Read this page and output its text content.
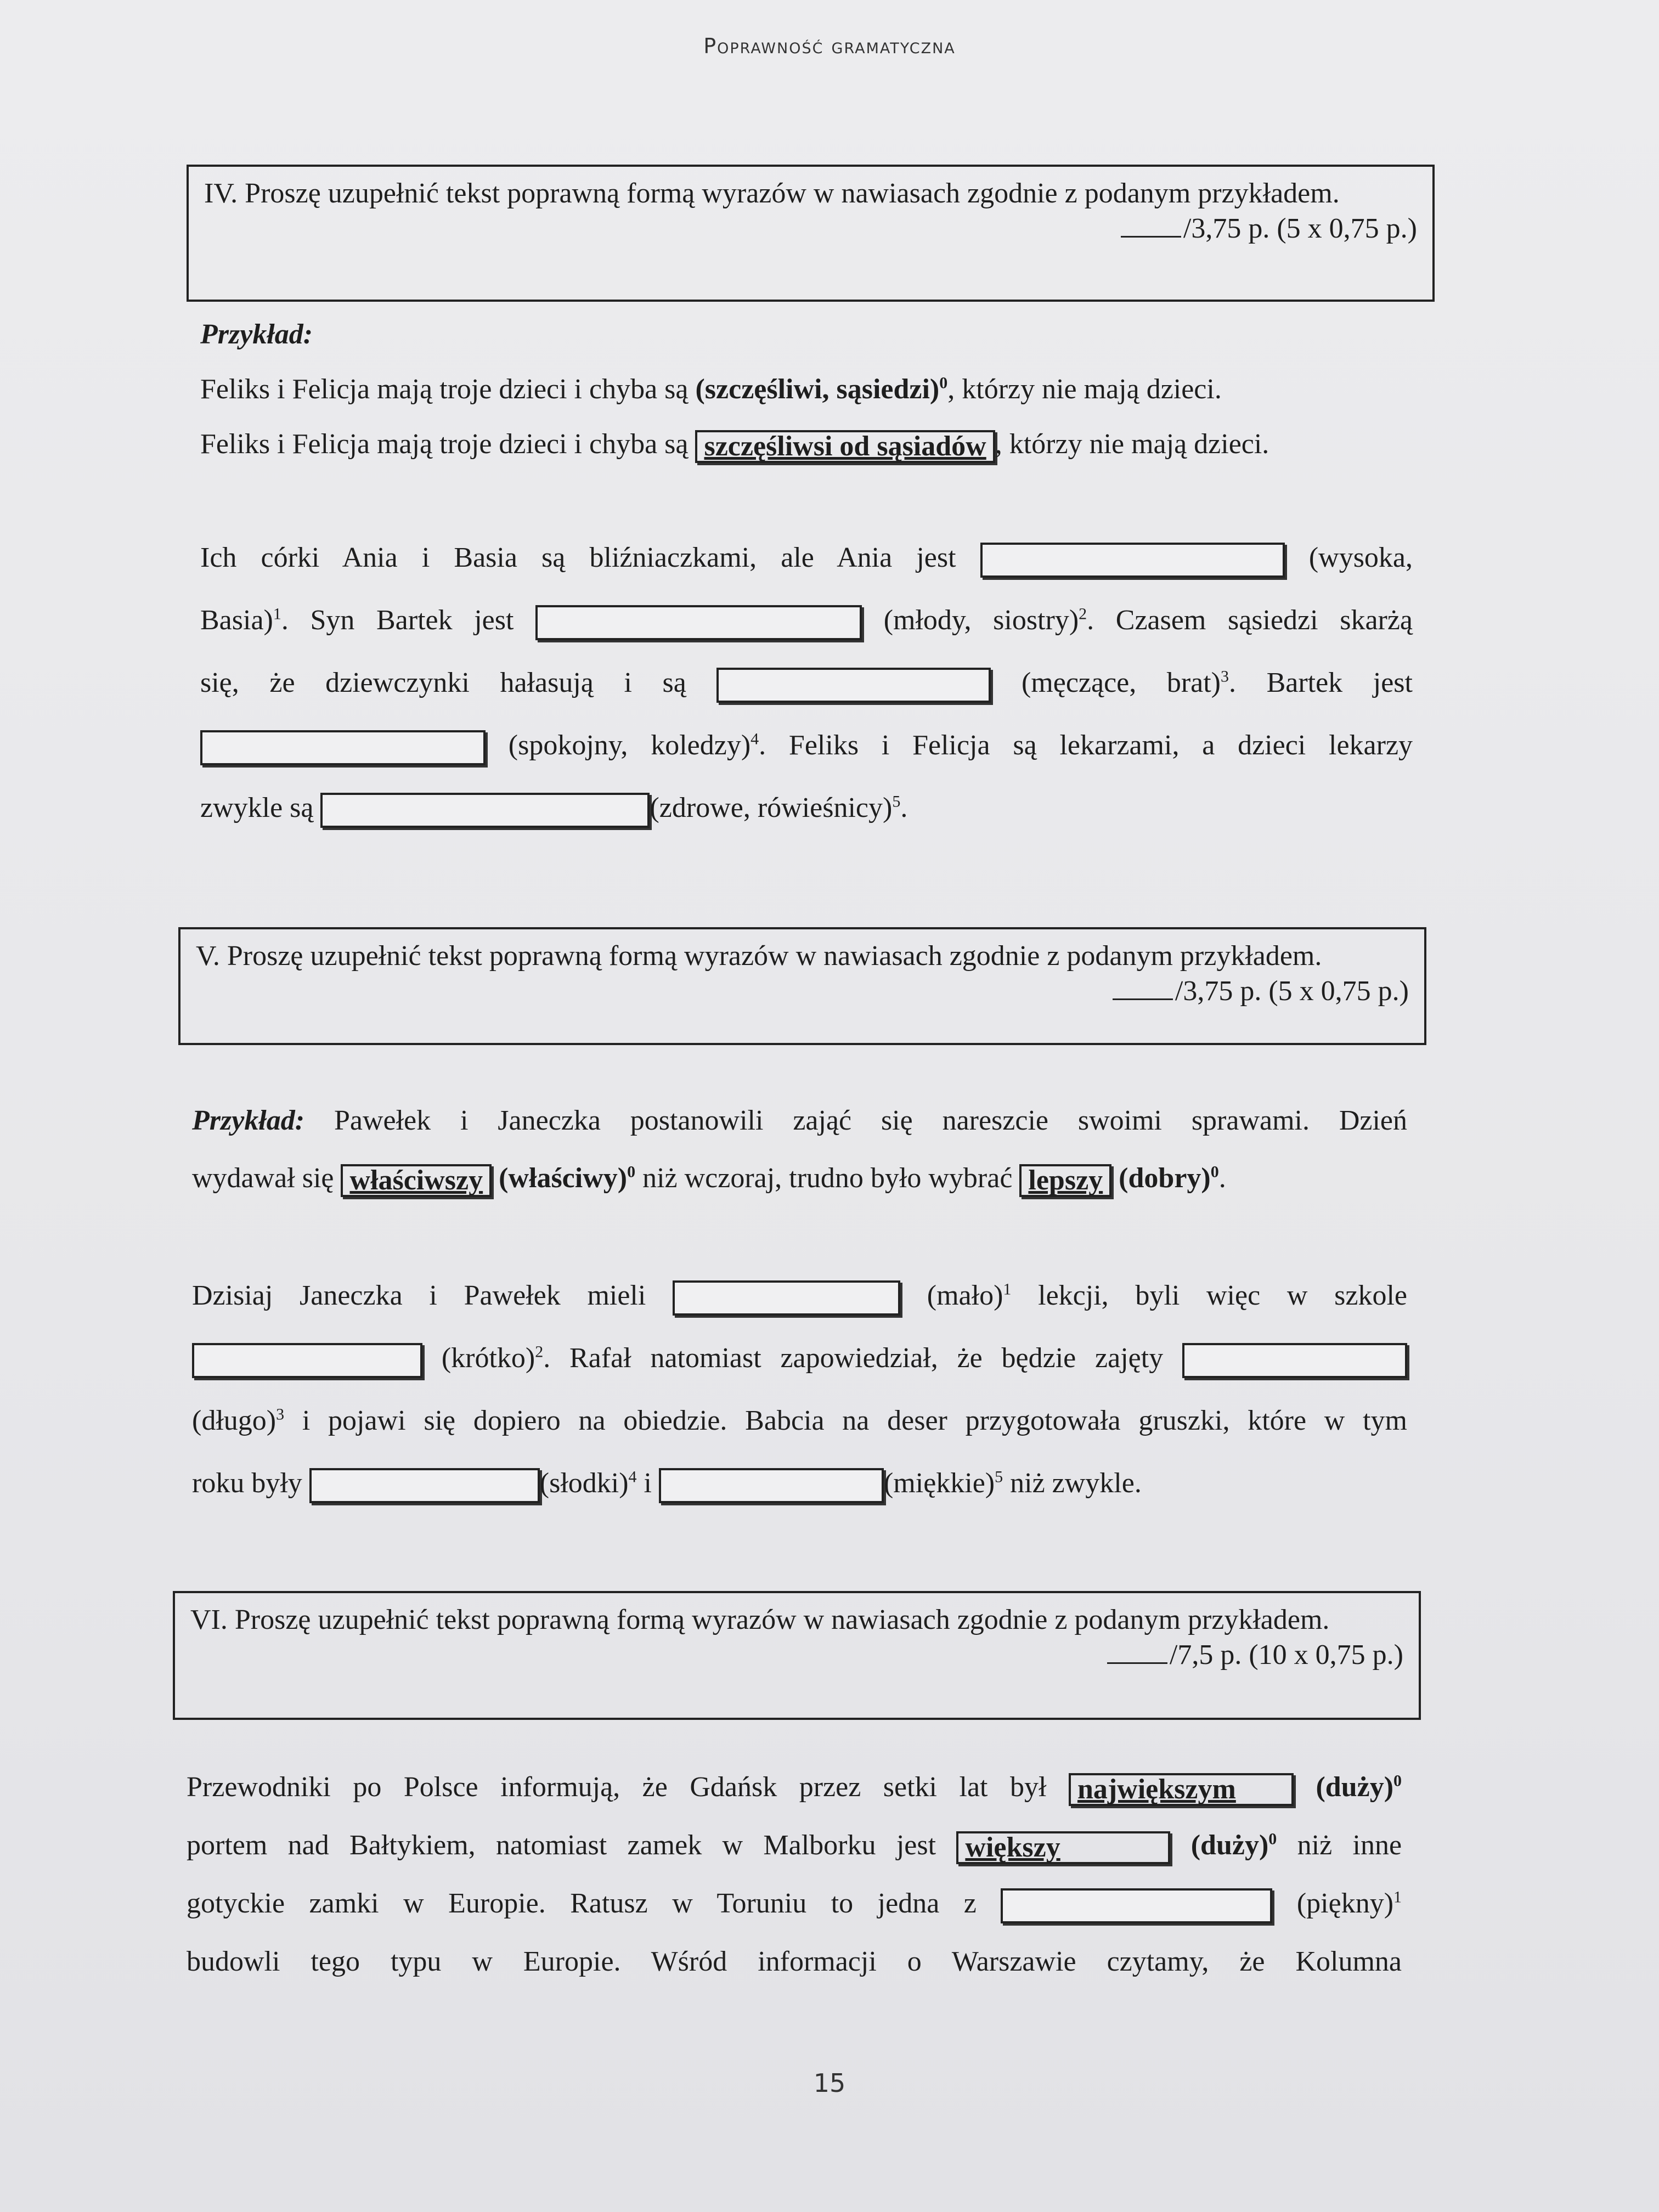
Poprawność gramatyczna
IV. Proszę uzupełnić tekst poprawną formą wyrazów w nawiasach zgodnie z podanym przykładem.
/3,75 p. (5 x 0,75 p.)
Przykład:
Feliks i Felicja mają troje dzieci i chyba są (szczęśliwi, sąsiedzi)$^0$, którzy nie mają dzieci.
Feliks i Felicja mają troje dzieci i chyba są szczęśliwsi od sąsiadów , którzy nie mają dzieci.
Ich córki Ania i Basia są bliźniaczkami, ale Ania jest	(wysoka,
Basia)$^1$. Syn Bartek jest	(młody, siostry)$^2$. Czasem sąsiedzi skarżą
się, że dziewczynki hałasują i są	(męczące, brat)$^3$. Bartek jest
(spokojny, koledzy)$^4$. Feliks i Felicja są lekarzami, a dzieci lekarzy
zwykle są	(zdrowe, rówieśnicy)$^5$.
V. Proszę uzupełnić tekst poprawną formą wyrazów w nawiasach zgodnie z podanym przykładem.
/3,75 p. (5 x 0,75 p.)
Przykład: Pawełek i Janeczka postanowili zająć się nareszcie swoimi sprawami. Dzień
wydawał się właściwszy (właściwy)$^0$ niż wczoraj, trudno było wybrać lepszy (dobry)$^0$.
Dzisiaj Janeczka i Pawełek mieli	(mało)$^1$ lekcji, byli więc w szkole
(krótko)$^2$. Rafał natomiast zapowiedział, że będzie zajęty
(długo)$^3$ i pojawi się dopiero na obiedzie. Babcia na deser przygotowała gruszki, które w tym
roku były	(słodki)$^4$ i	(miękkie)$^5$ niż zwykle.
VI. Proszę uzupełnić tekst poprawną formą wyrazów w nawiasach zgodnie z podanym przykładem.
/7,5 p. (10 x 0,75 p.)
Przewodniki po Polsce informują, że Gdańsk przez setki lat był największym	(duży)$^0$
portem nad Bałtykiem, natomiast zamek w Malborku jest większy	(duży)$^0$ niż inne
gotyckie zamki w Europie. Ratusz w Toruniu to jedna z	(piękny)$^1$
budowli tego typu w Europie. Wśród informacji o Warszawie czytamy, że Kolumna
15
